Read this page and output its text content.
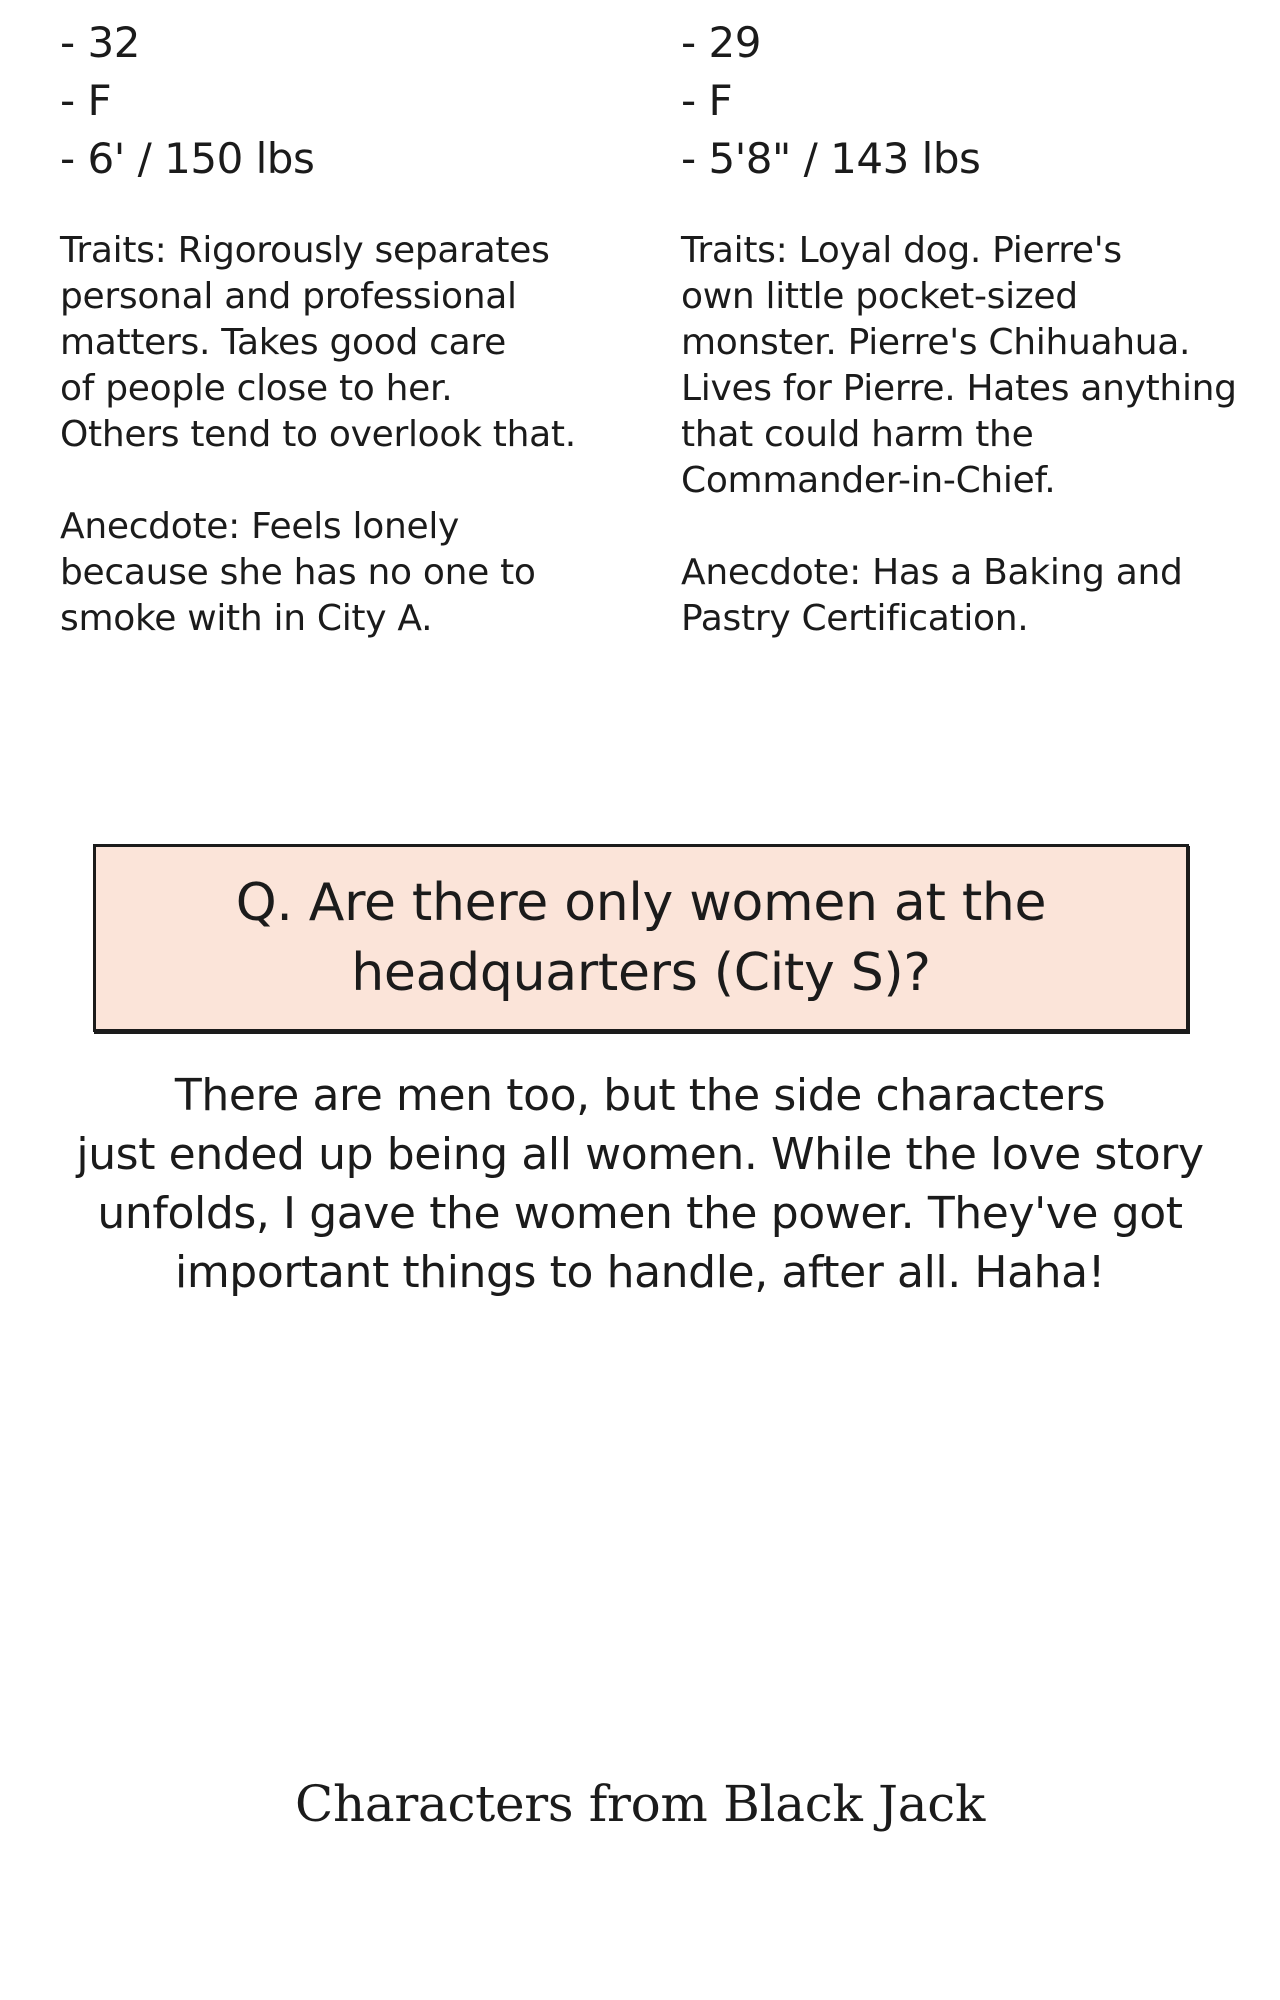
- 32
- F
- 6' / 150 lbs
Traits: Rigorously separates
personal and professional
matters. Takes good care
of people close to her.
Others tend to overlook that.
Anecdote: Feels lonely
because she has no one to
smoke with in City A.
- 29
- F
- 5'8" / 143 lbs
Traits: Loyal dog. Pierre's
own little pocket-sized
monster. Pierre's Chihuahua.
Lives for Pierre. Hates anything
that could harm the
Commander-in-Chief.
Anecdote: Has a Baking and
Pastry Certification.
Q. Are there only women at the
headquarters (City S)?
There are men too, but the side characters
just ended up being all women. While the love story
unfolds, I gave the women the power. They've got
important things to handle, after all. Haha!
Characters from Black Jack
